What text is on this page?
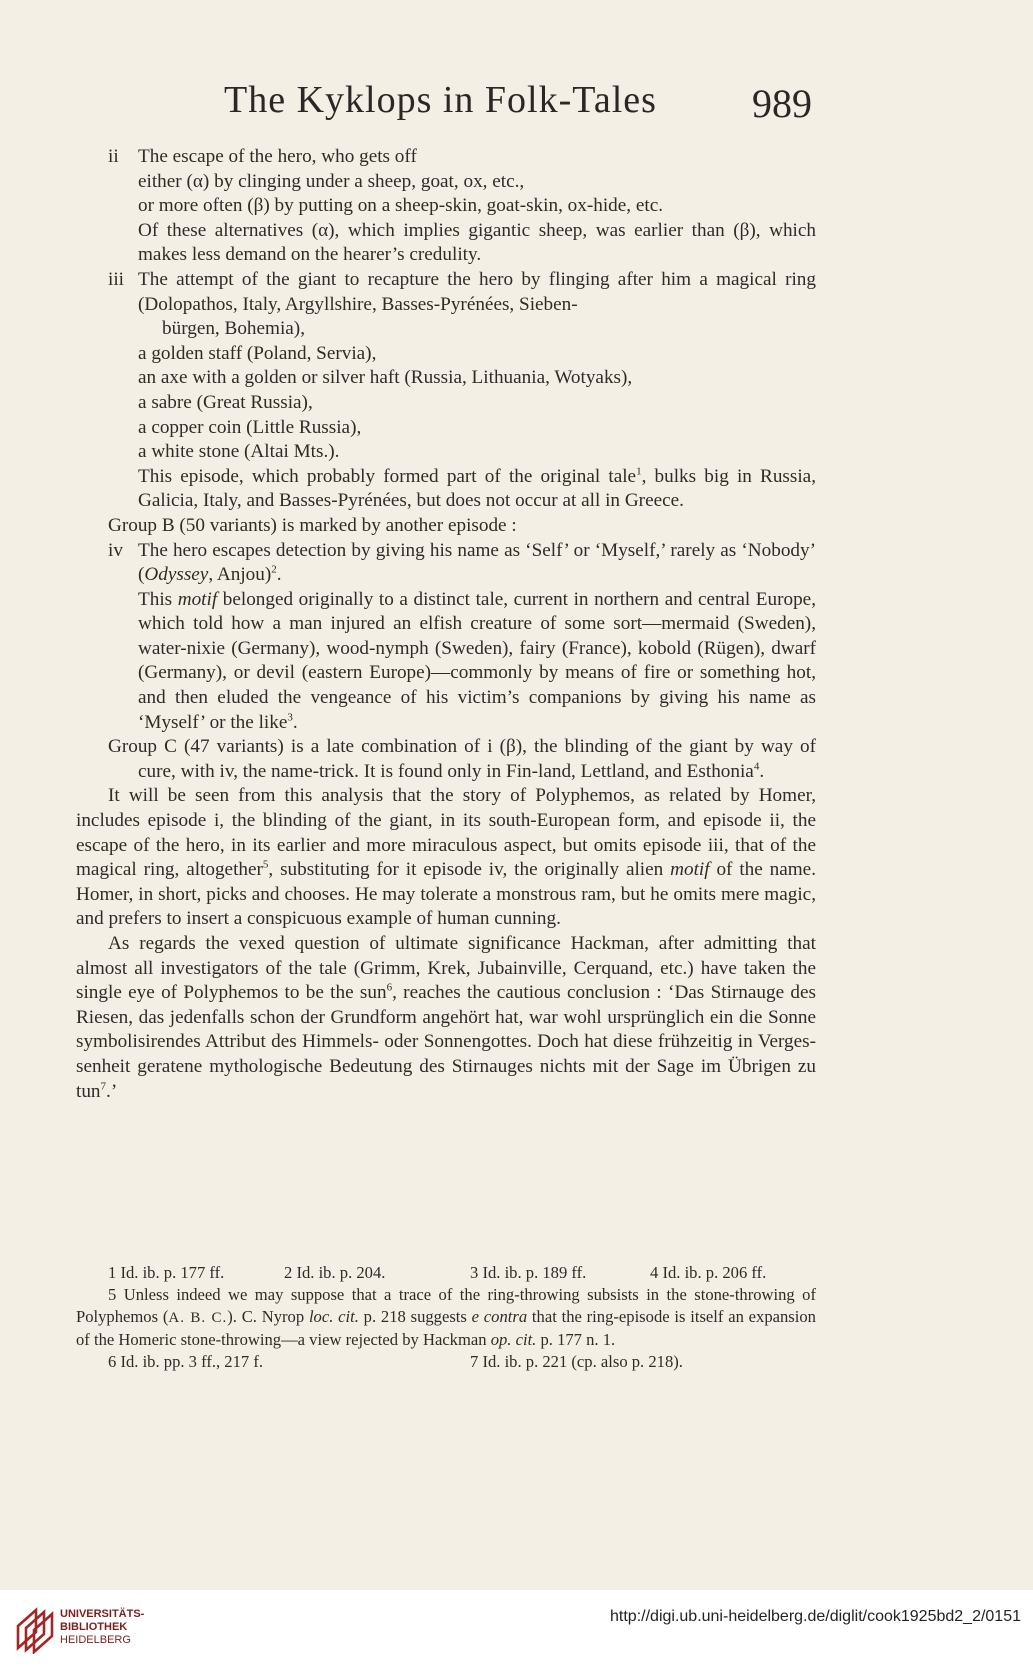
The Kyklops in Folk-Tales 989
ii The escape of the hero, who gets off

either (α) by clinging under a sheep, goat, ox, etc.,

or more often (β) by putting on a sheep-skin, goat-skin, ox-hide, etc.

Of these alternatives (α), which implies gigantic sheep, was earlier than (β), which makes less demand on the hearer’s credulity.

iii The attempt of the giant to recapture the hero by flinging after him a magical ring (Dolopathos, Italy, Argyllshire, Basses-Pyrénées, Sieben-

bürgen, Bohemia),

a golden staff (Poland, Servia),

an axe with a golden or silver haft (Russia, Lithuania, Wotyaks),

a sabre (Great Russia),

a copper coin (Little Russia),

a white stone (Altai Mts.).

This episode, which probably formed part of the original tale$^1$, bulks big in Russia, Galicia, Italy, and Basses-Pyrénées, but does not occur at all in Greece.

Group B (50 variants) is marked by another episode :

iv The hero escapes detection by giving his name as ‘Self’ or ‘Myself,’ rarely as ‘Nobody’ (Odyssey, Anjou)$^2$.

This motif belonged originally to a distinct tale, current in northern and central Europe, which told how a man injured an elfish creature of some sort—mermaid (Sweden), water-nixie (Germany), wood-nymph (Sweden), fairy (France), kobold (Rügen), dwarf (Germany), or devil (eastern Europe)—commonly by means of fire or something hot, and then eluded the vengeance of his victim’s companions by giving his name as ‘Myself’ or the like$^3$.

Group C (47 variants) is a late combination of i (β), the blinding of the giant by way of cure, with iv, the name-trick. It is found only in Fin-land, Lettland, and Esthonia$^4$.

It will be seen from this analysis that the story of Polyphemos, as related by Homer, includes episode i, the blinding of the giant, in its south-European form, and episode ii, the escape of the hero, in its earlier and more miraculous aspect, but omits episode iii, that of the magical ring, altogether$^5$, substituting for it episode iv, the originally alien motif of the name. Homer, in short, picks and chooses. He may tolerate a monstrous ram, but he omits mere magic, and prefers to insert a conspicuous example of human cunning.

As regards the vexed question of ultimate significance Hackman, after admitting that almost all investigators of the tale (Grimm, Krek, Jubainville, Cerquand, etc.) have taken the single eye of Polyphemos to be the sun$^6$, reaches the cautious conclusion : ‘Das Stirnauge des Riesen, das jedenfalls schon der Grundform angehört hat, war wohl ursprünglich ein die Sonne symbolisirendes Attribut des Himmels- oder Sonnengottes. Doch hat diese frühzeitig in Verges-senheit geratene mythologische Bedeutung des Stirnauges nichts mit der Sage im Übrigen zu tun$^7$.’

1 Id. ib. p. 177 ff.	2 Id. ib. p. 204.	3 Id. ib. p. 189 ff.	4 Id. ib. p. 206 ff.

5 Unless indeed we may suppose that a trace of the ring-throwing subsists in the stone-throwing of Polyphemos (A. B. C.). C. Nyrop loc. cit. p. 218 suggests e contra that the ring-episode is itself an expansion of the Homeric stone-throwing—a view rejected by Hackman op. cit. p. 177 n. 1.

6 Id. ib. pp. 3 ff., 217 f.	7 Id. ib. p. 221 (cp. also p. 218).
UNIVERSITÄTS-
BIBLIOTHEK
HEIDELBERG
http://digi.ub.uni-heidelberg.de/diglit/cook1925bd2_2/0151
